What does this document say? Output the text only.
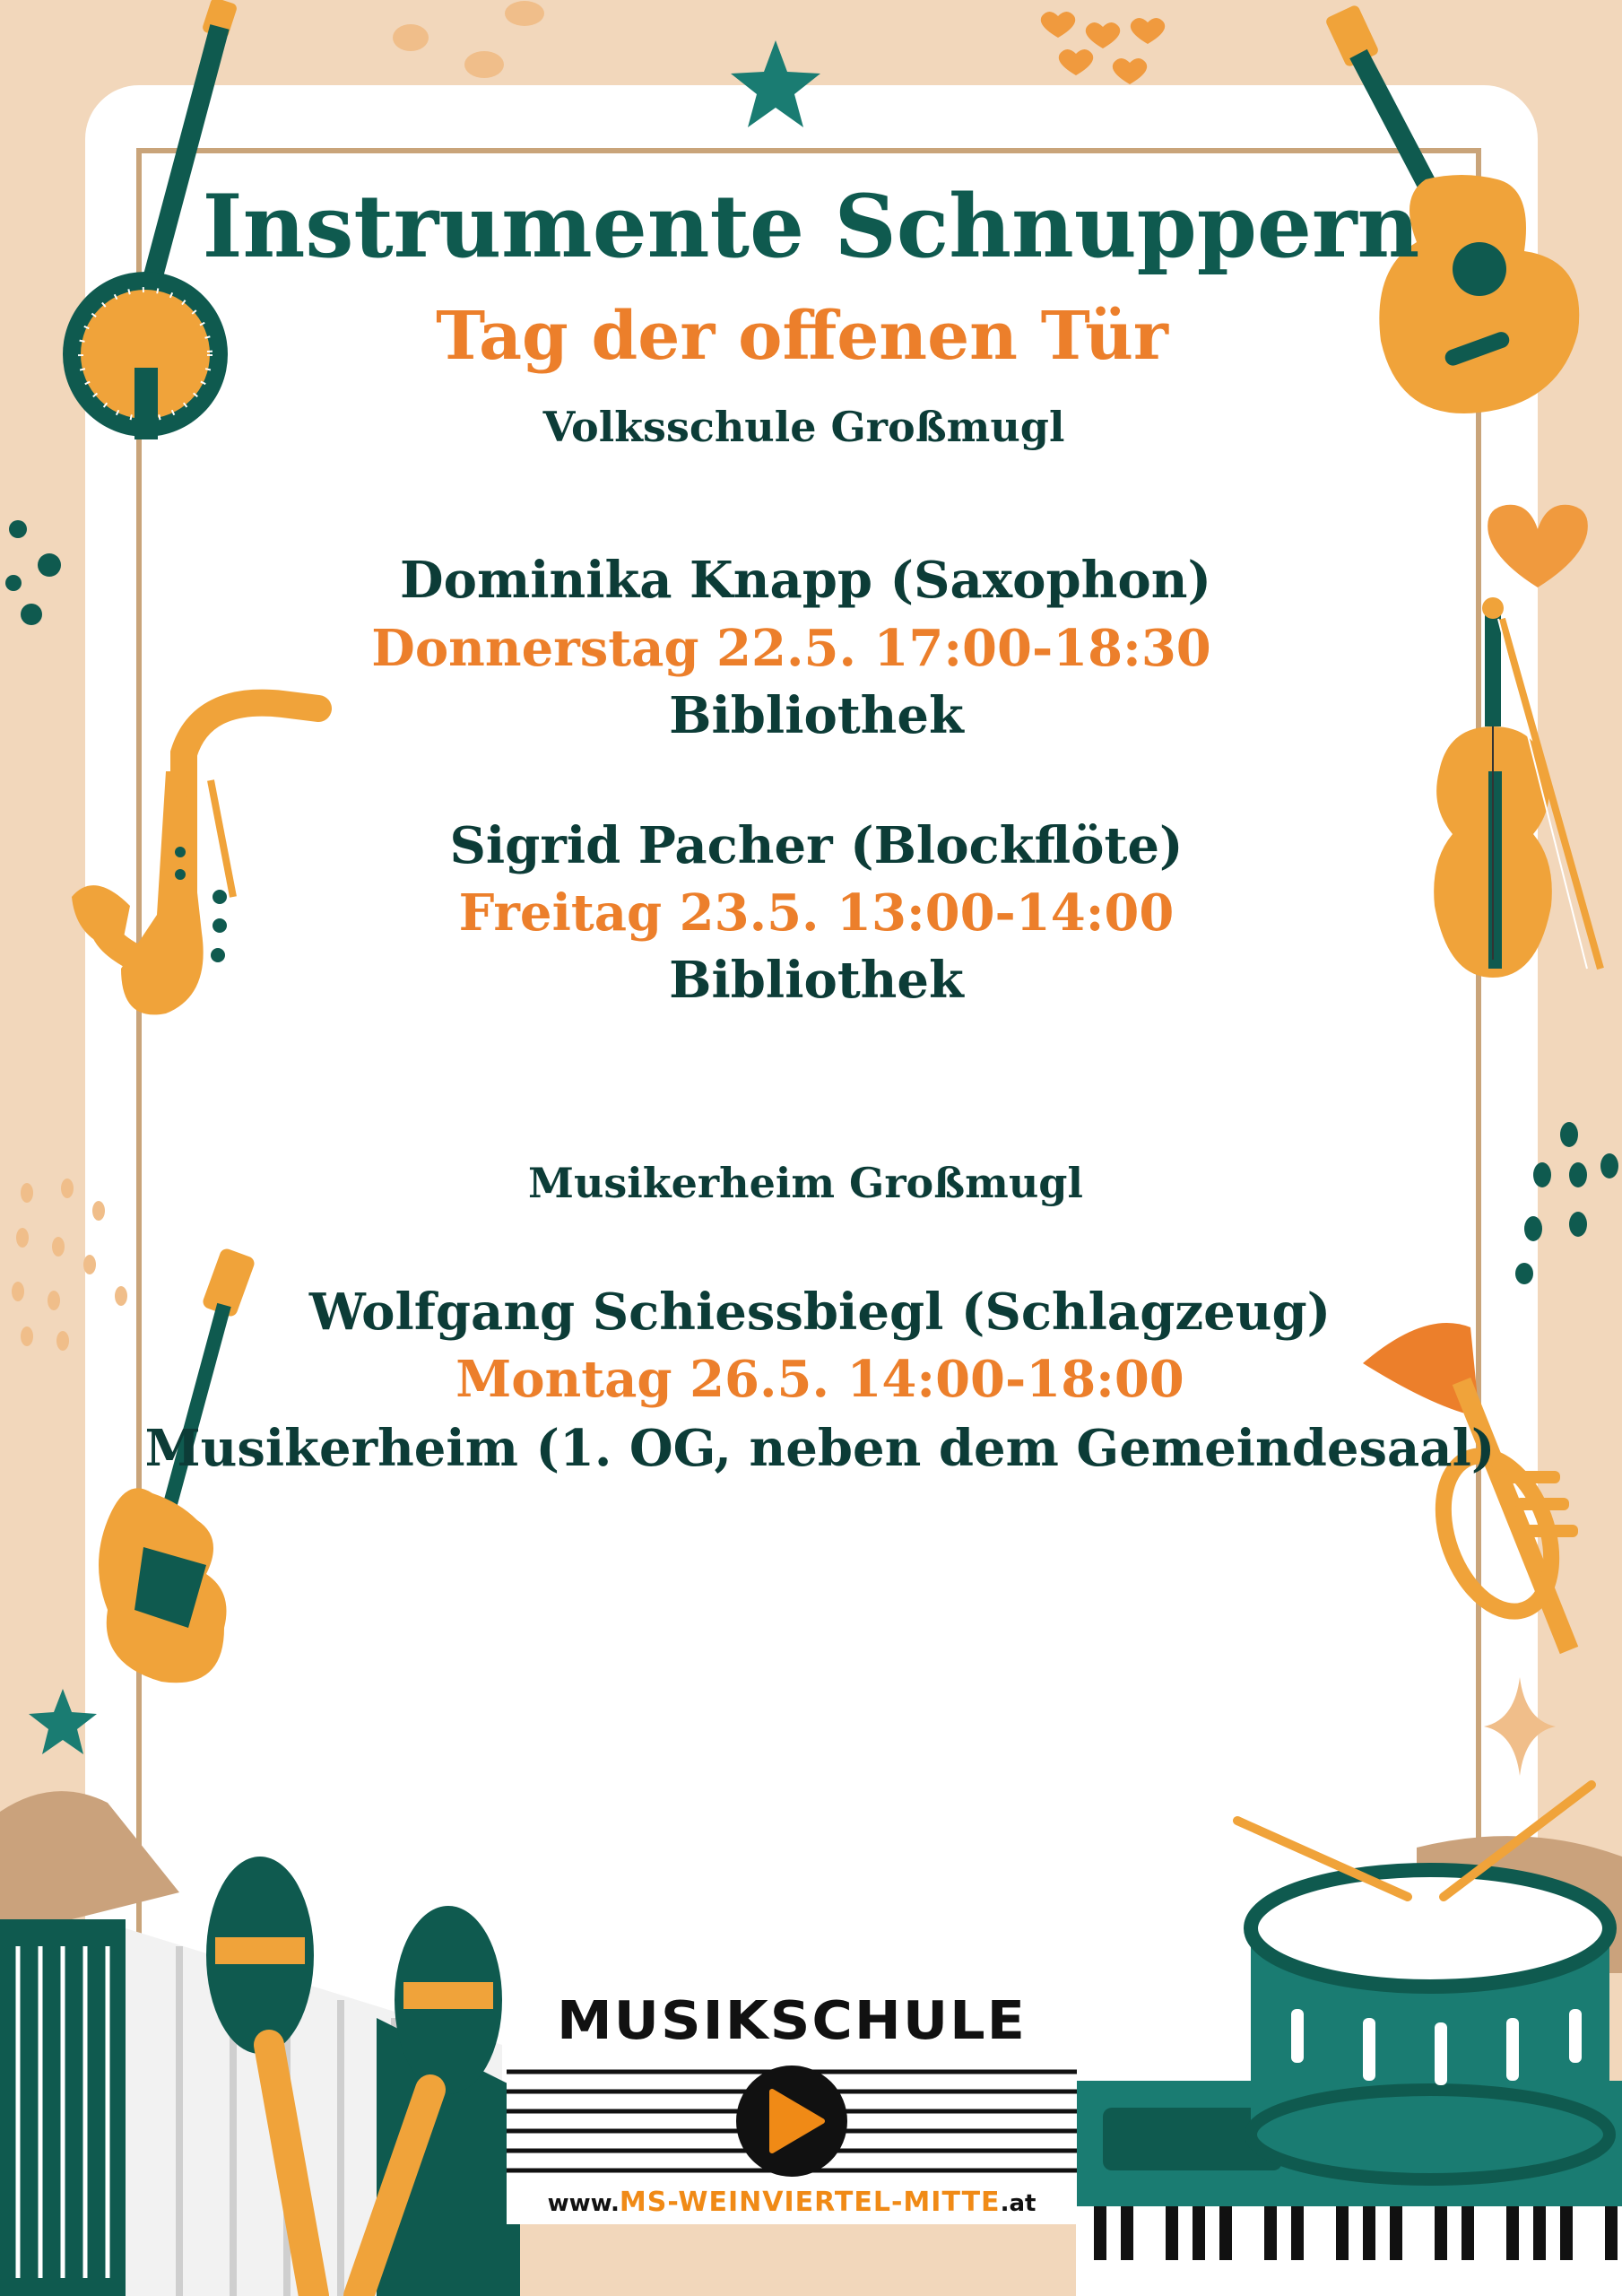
Instrumente Schnuppern
Tag der offenen Tür
Volksschule Großmugl
Dominika Knapp (Saxophon)
Donnerstag 22.5. 17:00-18:30
Bibliothek
Sigrid Pacher (Blockflöte)
Freitag 23.5. 13:00-14:00
Bibliothek
Musikerheim Großmugl
Wolfgang Schiessbiegl (Schlagzeug)
Montag 26.5. 14:00-18:00
Musikerheim (1. OG, neben dem Gemeindesaal)
MUSIKSCHULE
www.MS-WEINVIERTEL-MITTE.at
